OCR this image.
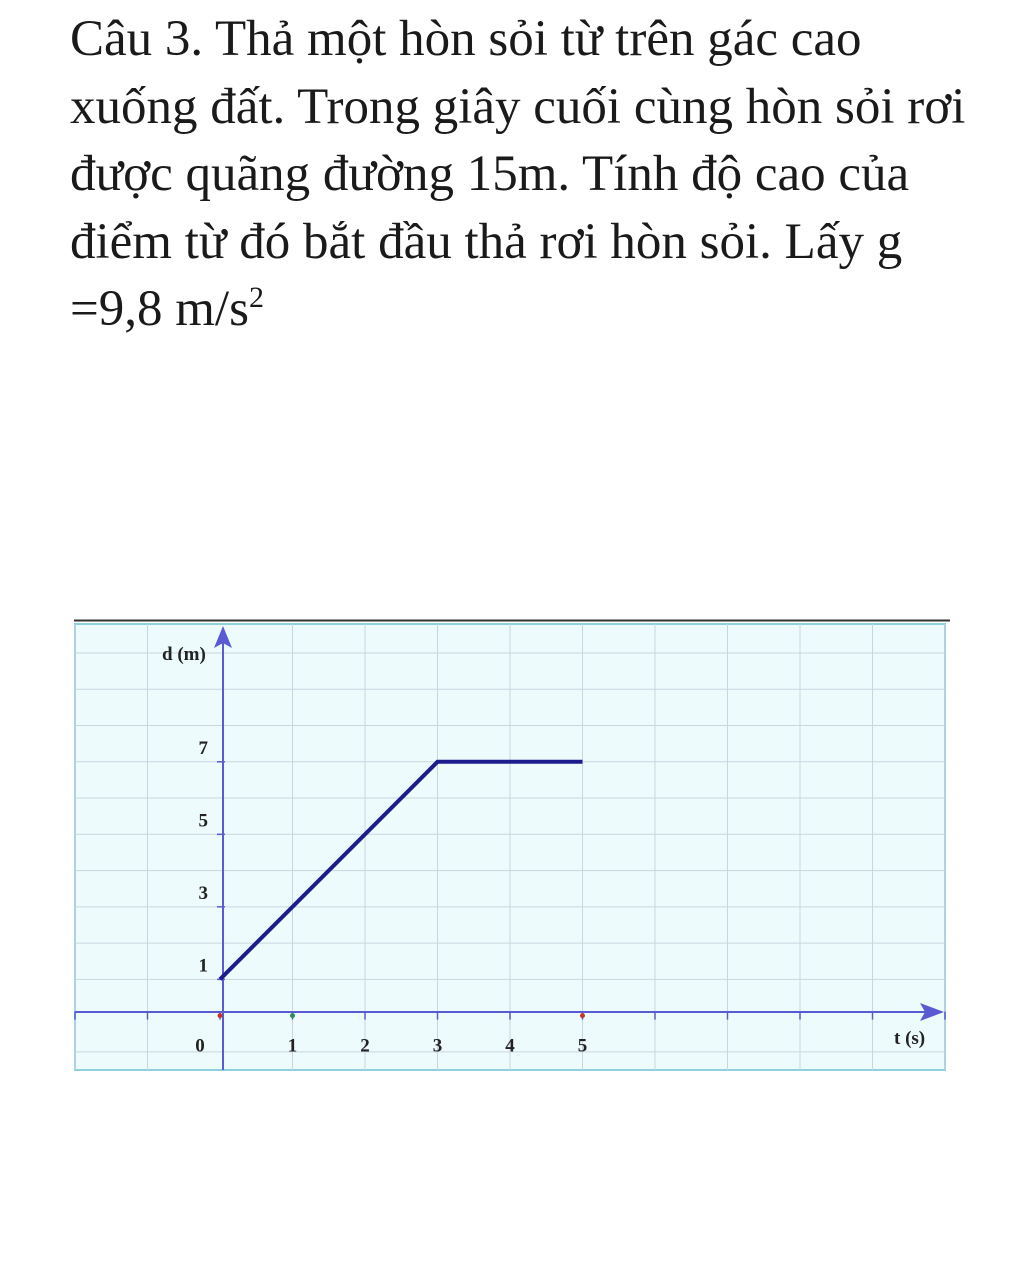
Câu 3. Thả một hòn sỏi từ trên gác cao xuống đất. Trong giây cuối cùng hòn sỏi rơi được quãng đường 15m. Tính độ cao của điểm từ đó bắt đầu thả rơi hòn sỏi. Lấy g =9,8 $m/s^2$

0	1	2	3	4	5
1
3
5
7
d (m)
t (s)
